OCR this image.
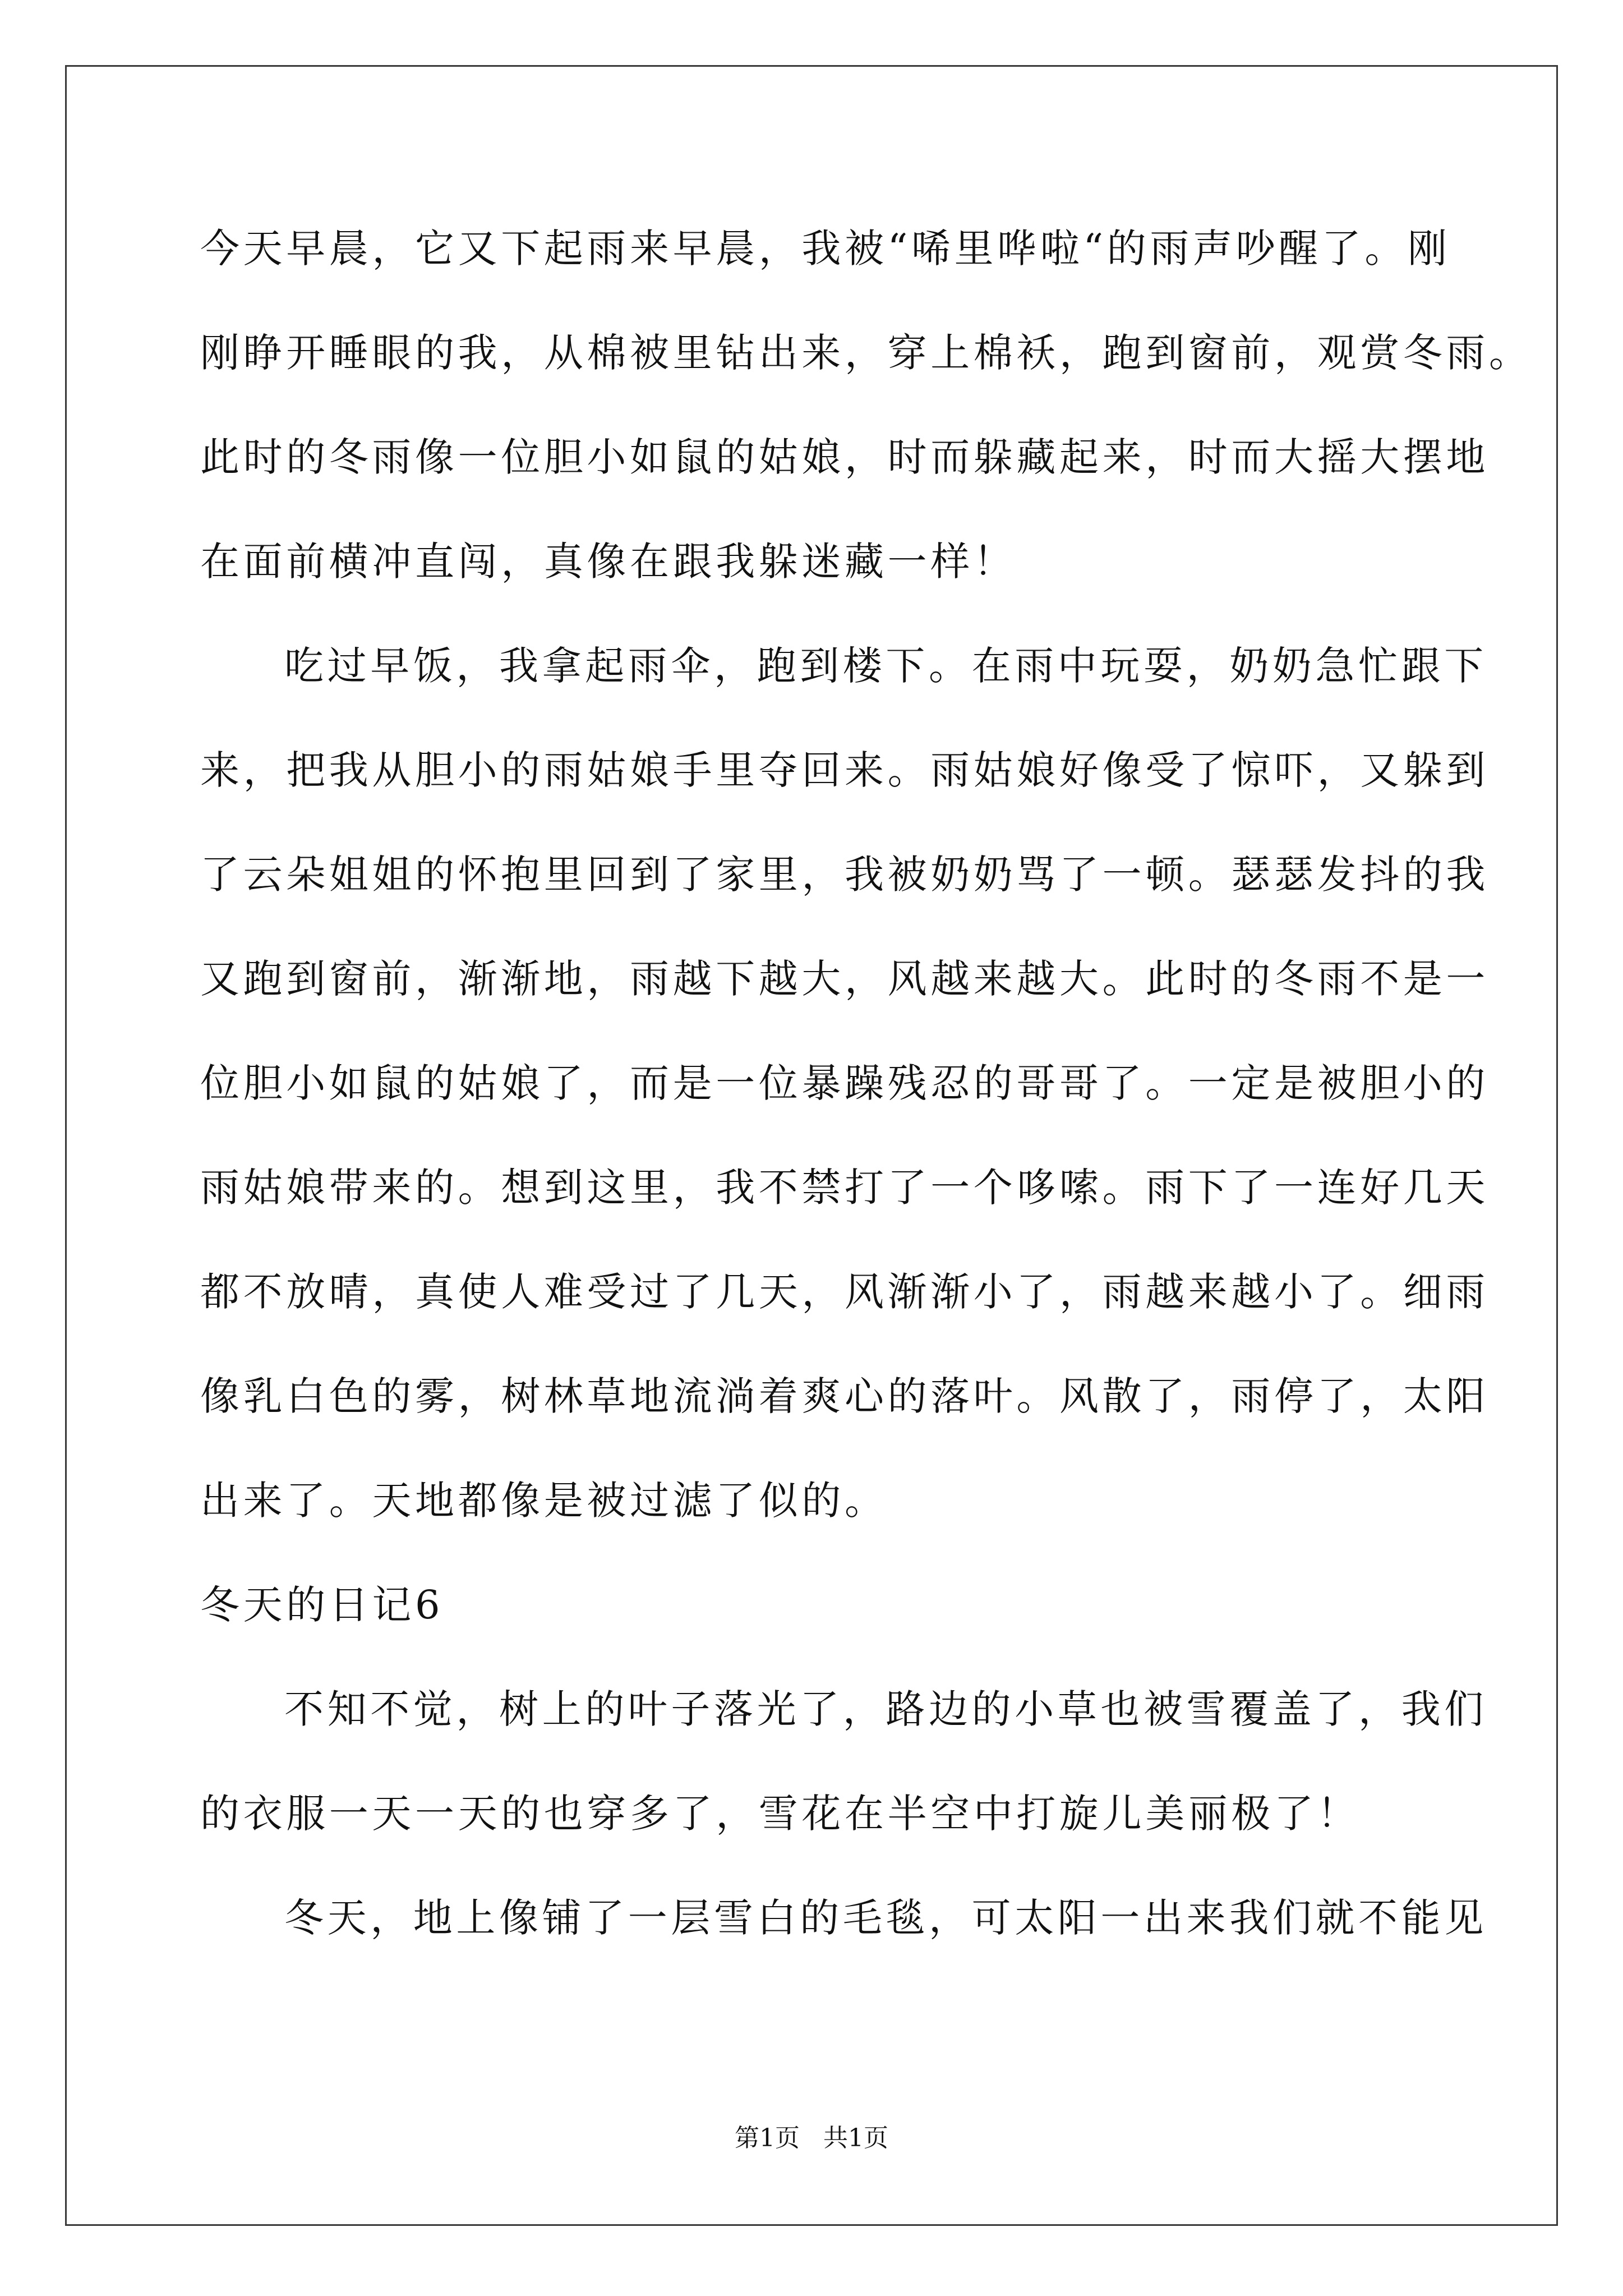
今天早晨，它又下起雨来早晨，我被“唏里哗啦“的雨声吵醒了。刚
刚睁开睡眼的我，从棉被里钻出来，穿上棉袄，跑到窗前，观赏冬雨。
此时的冬雨像一位胆小如鼠的姑娘，时而躲藏起来，时而大摇大摆地
在面前横冲直闯，真像在跟我躲迷藏一样！
吃过早饭，我拿起雨伞，跑到楼下。在雨中玩耍，奶奶急忙跟下
来，把我从胆小的雨姑娘手里夺回来。雨姑娘好像受了惊吓，又躲到
了云朵姐姐的怀抱里回到了家里，我被奶奶骂了一顿。瑟瑟发抖的我
又跑到窗前，渐渐地，雨越下越大，风越来越大。此时的冬雨不是一
位胆小如鼠的姑娘了，而是一位暴躁残忍的哥哥了。一定是被胆小的
雨姑娘带来的。想到这里，我不禁打了一个哆嗦。雨下了一连好几天
都不放晴，真使人难受过了几天，风渐渐小了，雨越来越小了。细雨
像乳白色的雾，树林草地流淌着爽心的落叶。风散了，雨停了，太阳
出来了。天地都像是被过滤了似的。
冬天的日记6
不知不觉，树上的叶子落光了，路边的小草也被雪覆盖了，我们
的衣服一天一天的也穿多了，雪花在半空中打旋儿美丽极了！
冬天，地上像铺了一层雪白的毛毯，可太阳一出来我们就不能见
第1页   共1页
